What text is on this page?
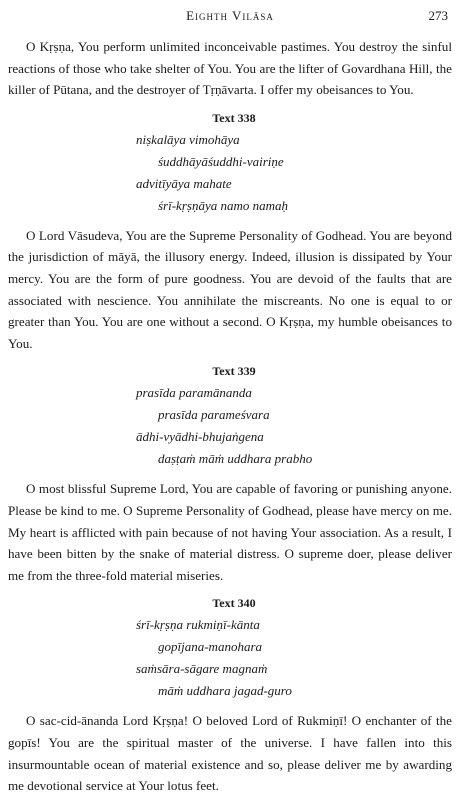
Eighth Vilāsa	273

O Kṛṣṇa, You perform unlimited inconceivable pastimes. You destroy the sinful reactions of those who take shelter of You. You are the lifter of Govardhana Hill, the killer of Pūtana, and the destroyer of Tṛṇāvarta. I offer my obeisances to You.

Text 338
niṣkalāya vimohāya
śuddhāyāśuddhi-vairiṇe
advitīyāya mahate
śrī-kṛṣṇāya namo namaḥ

O Lord Vāsudeva, You are the Supreme Personality of Godhead. You are beyond the jurisdiction of māyā, the illusory energy. Indeed, illusion is dissipated by Your mercy. You are the form of pure goodness. You are devoid of the faults that are associated with nescience. You annihilate the miscreants. No one is equal to or greater than You. You are one without a second. O Kṛṣṇa, my humble obeisances to You.

Text 339
prasīda paramānanda
prasīda parameśvara
ādhi-vyādhi-bhujaṅgena
daṣṭaṁ māṁ uddhara prabho

O most blissful Supreme Lord, You are capable of favoring or punishing anyone. Please be kind to me. O Supreme Personality of Godhead, please have mercy on me. My heart is afflicted with pain because of not having Your association. As a result, I have been bitten by the snake of material distress. O supreme doer, please deliver me from the three-fold material miseries.

Text 340
śrī-kṛṣṇa rukmiṇī-kānta
gopījana-manohara
saṁsāra-sāgare magnaṁ
māṁ uddhara jagad-guro

O sac-cid-ānanda Lord Kṛṣṇa! O beloved Lord of Rukmiṇī! O enchanter of the gopīs! You are the spiritual master of the universe. I have fallen into this insurmountable ocean of material existence and so, please deliver me by awarding me devotional service at Your lotus feet.
